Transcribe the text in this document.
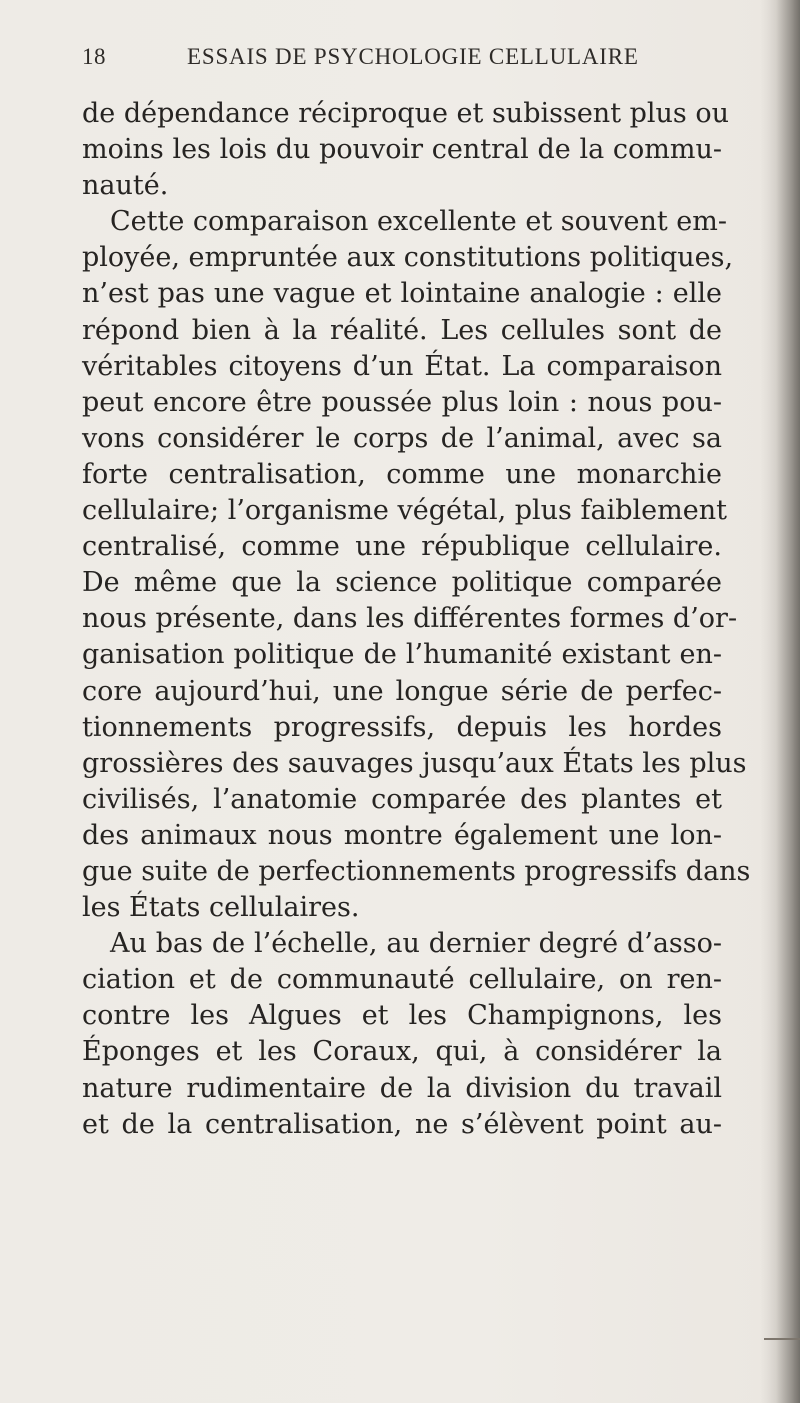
18	ESSAIS DE PSYCHOLOGIE CELLULAIRE
de dépendance réciproque et subissent plus ou
moins les lois du pouvoir central de la commu-
nauté.
Cette comparaison excellente et souvent em-
ployée, empruntée aux constitutions politiques,
n’est pas une vague et lointaine analogie : elle
répond bien à la réalité. Les cellules sont de
véritables citoyens d’un État. La comparaison
peut encore être poussée plus loin : nous pou-
vons considérer le corps de l’animal, avec sa
forte centralisation, comme une monarchie
cellulaire; l’organisme végétal, plus faiblement
centralisé, comme une république cellulaire.
De même que la science politique comparée
nous présente, dans les différentes formes d’or-
ganisation politique de l’humanité existant en-
core aujourd’hui, une longue série de perfec-
tionnements progressifs, depuis les hordes
grossières des sauvages jusqu’aux États les plus
civilisés, l’anatomie comparée des plantes et
des animaux nous montre également une lon-
gue suite de perfectionnements progressifs dans
les États cellulaires.
Au bas de l’échelle, au dernier degré d’asso-
ciation et de communauté cellulaire, on ren-
contre les Algues et les Champignons, les
Éponges et les Coraux, qui, à considérer la
nature rudimentaire de la division du travail
et de la centralisation, ne s’élèvent point au-
